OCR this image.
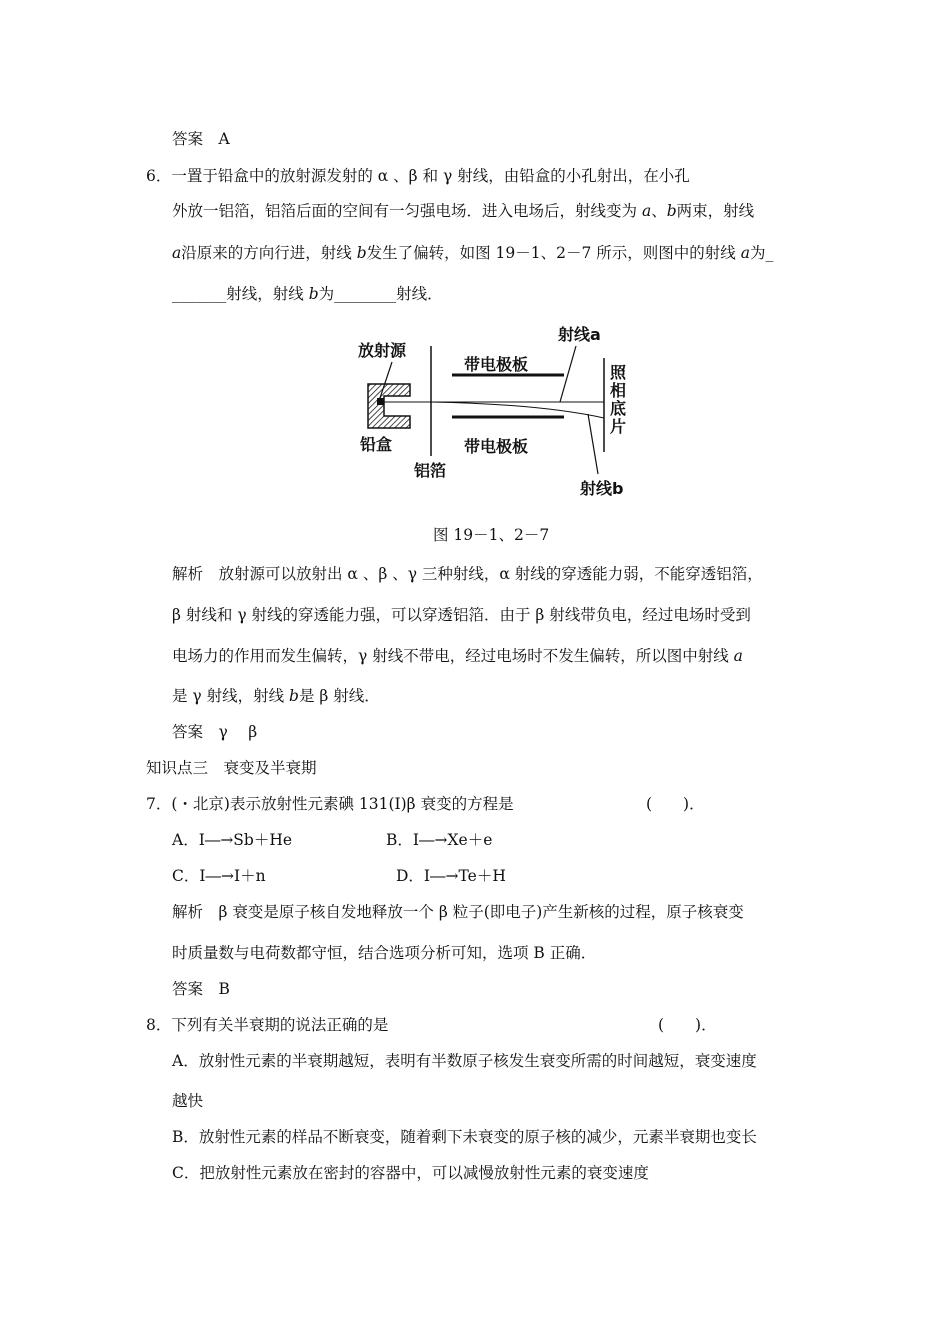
答案　 A
6．一置于铅盒中的放射源发射的 α 、β 和 γ 射线，由铅盒的小孔射出，在小孔
外放一铝箔，铝箔后面的空间有一匀强电场．进入电场后，射线变为 a、b两束，射线
a沿原来的方向行进，射线 b发生了偏转，如图 19－1、2－7 所示，则图中的射线 a为_
_______射线，射线 b为________射线．
放射源
铅盒
铝箔
带电极板
带电极板
照
相
底
片
射线a
射线b
图 19－1、2－7
解析　放射源可以放射出 α 、β 、γ 三种射线，α 射线的穿透能力弱，不能穿透铝箔，
β 射线和 γ 射线的穿透能力强，可以穿透铝箔．由于 β 射线带负电，经过电场时受到
电场力的作用而发生偏转，γ 射线不带电，经过电场时不发生偏转，所以图中射线 a
是 γ 射线，射线 b是 β 射线．
答案　 γ　 β
知识点三　衰变及半衰期
7．(・北京)表示放射性元素碘 131(I)β 衰变的方程是	(　　)．
A．I―→Sb＋He	B．I―→Xe＋e
C．I―→I＋n	D．I―→Te＋H
解析　β 衰变是原子核自发地释放一个 β 粒子(即电子)产生新核的过程，原子核衰变
时质量数与电荷数都守恒，结合选项分析可知，选项 B 正确．
答案　 B
8．下列有关半衰期的说法正确的是	(　　)．
A．放射性元素的半衰期越短，表明有半数原子核发生衰变所需的时间越短，衰变速度
越快
B．放射性元素的样品不断衰变，随着剩下未衰变的原子核的减少，元素半衰期也变长
C．把放射性元素放在密封的容器中，可以减慢放射性元素的衰变速度
